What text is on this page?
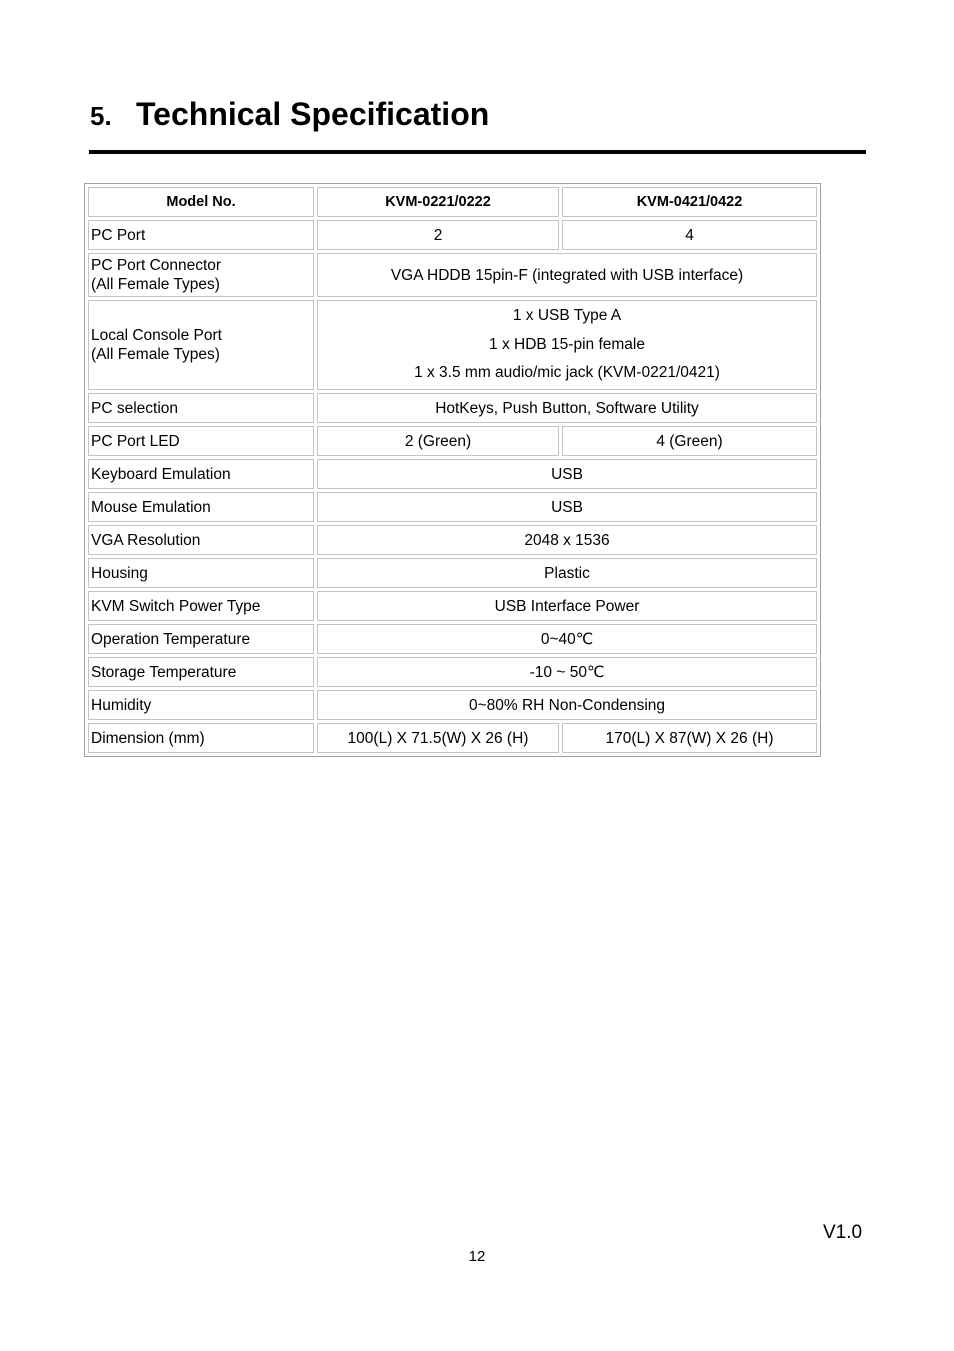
5. Technical Specification
Model No.	KVM-0221/0222	KVM-0421/0422
PC Port	2	4

PC Port Connector
(All Female Types)	VGA HDDB 15pin-F (integrated with USB interface)	

Local Console Port
(All Female Types)	1 x USB Type A
1 x HDB 15-pin female
1 x 3.5 mm audio/mic jack (KVM-0221/0421)	

PC selection	HotKeys, Push Button, Software Utility	
PC Port LED	2 (Green)	4 (Green)
Keyboard Emulation	USB	
Mouse Emulation	USB	
VGA Resolution	2048 x 1536	
Housing	Plastic	
KVM Switch Power Type	USB Interface Power	
Operation Temperature	0~40℃	
Storage Temperature	-10 ~ 50℃	
Humidity	0~80% RH Non-Condensing	
Dimension (mm)	100(L) X 71.5(W) X 26 (H)	170(L) X 87(W) X 26 (H)
V1.0
12
